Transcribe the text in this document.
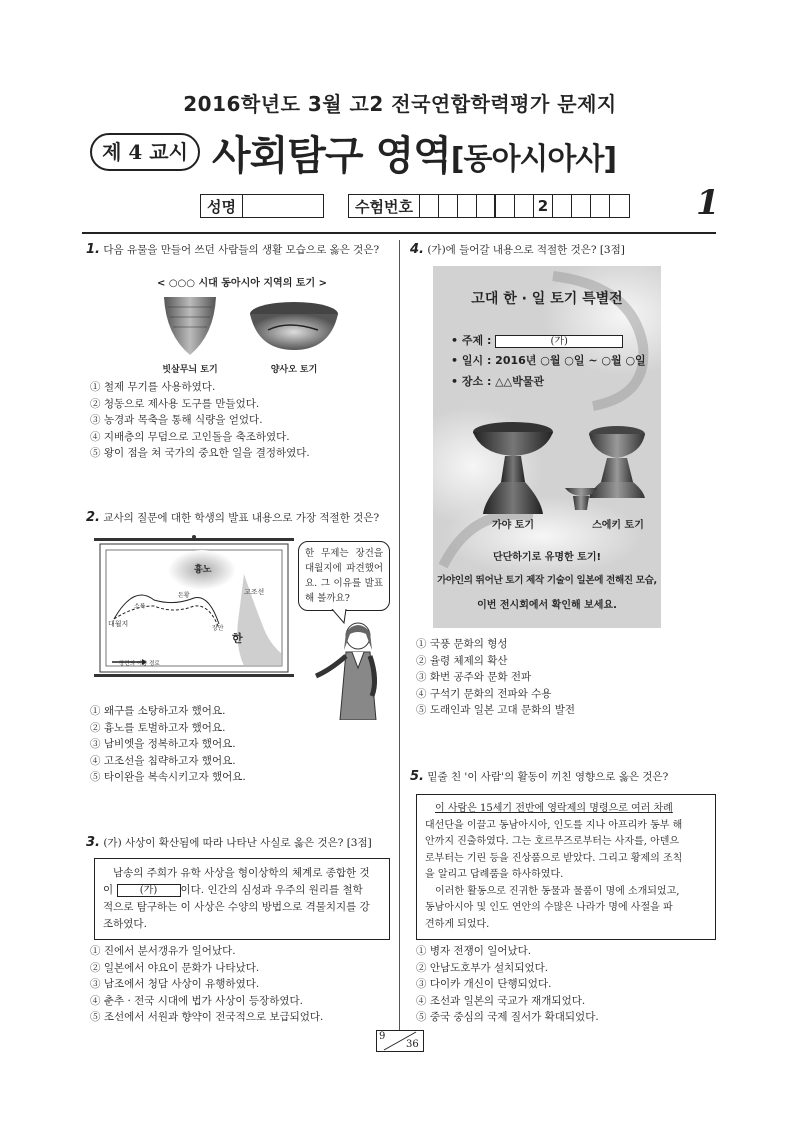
2016학년도 3월 고2 전국연합학력평가 문제지
제 4 교시 사회탐구 영역[동아시아사]
성명	수험번호	2	1
1. 다음 유물을 만들어 쓰던 사람들의 생활 모습으로 옳은 것은?
< ○○○ 시대 동아시아 지역의 토기 >
빗살무늬 토기	양사오 토기
① 철제 무기를 사용하였다.
② 청동으로 제사용 도구를 만들었다.
③ 농경과 목축을 통해 식량을 얻었다.
④ 지배층의 무덤으로 고인돌을 축조하였다.
⑤ 왕이 점을 쳐 국가의 중요한 일을 결정하였다.
2. 교사의 질문에 대한 학생의 발표 내용으로 가장 적절한 것은?
흉노
고조선
돈황
소륵
대월지
장안
한
장건의 이동 경로
한 무제는 장건을 대월지에 파견했어요. 그 이유를 발표해 볼까요?
① 왜구를 소탕하고자 했어요.
② 흉노를 토벌하고자 했어요.
③ 남비엣을 정복하고자 했어요.
④ 고조선을 침략하고자 했어요.
⑤ 타이완을 복속시키고자 했어요.
3. (가) 사상이 확산됨에 따라 나타난 사실로 옳은 것은? [3점]
남송의 주희가 유학 사상을 형이상학의 체계로 종합한 것
이	(가) 이다. 인간의 심성과 우주의 원리를 철학
적으로 탐구하는 이 사상은 수양의 방법으로 격물치지를 강
조하였다.
① 진에서 분서갱유가 일어났다.
② 일본에서 야요이 문화가 나타났다.
③ 남조에서 청담 사상이 유행하였다.
④ 춘추 · 전국 시대에 법가 사상이 등장하였다.
⑤ 조선에서 서원과 향약이 전국적으로 보급되었다.
4. (가)에 들어갈 내용으로 적절한 것은? [3점]
고대 한 · 일 토기 특별전
• 주제 :	(가)
• 일시 : 2016년 ○월 ○일 ~ ○월 ○일
• 장소 : △△박물관
가야 토기	스에키 토기
단단하기로 유명한 토기!
가야인의 뛰어난 토기 제작 기술이 일본에 전해진 모습,
이번 전시회에서 확인해 보세요.
① 국풍 문화의 형성
② 율령 체제의 확산
③ 화번 공주와 문화 전파
④ 구석기 문화의 전파와 수용
⑤ 도래인과 일본 고대 문화의 발전
5. 밑줄 친 '이 사람'의 활동이 끼친 영향으로 옳은 것은?
이 사람은 15세기 전반에 영락제의 명령으로 여러 차례
대선단을 이끌고 동남아시아, 인도를 지나 아프리카 동부 해
안까지 진출하였다. 그는 호르무즈로부터는 사자를, 아덴으
로부터는 기린 등을 진상품으로 받았다. 그리고 황제의 조칙
을 알리고 답례품을 하사하였다.
이러한 활동으로 진귀한 동물과 물품이 명에 소개되었고,
동남아시아 및 인도 연안의 수많은 나라가 명에 사절을 파
견하게 되었다.
① 병자 전쟁이 일어났다.
② 안남도호부가 설치되었다.
③ 다이카 개신이 단행되었다.
④ 조선과 일본의 국교가 재개되었다.
⑤ 중국 중심의 국제 질서가 확대되었다.
9
36
